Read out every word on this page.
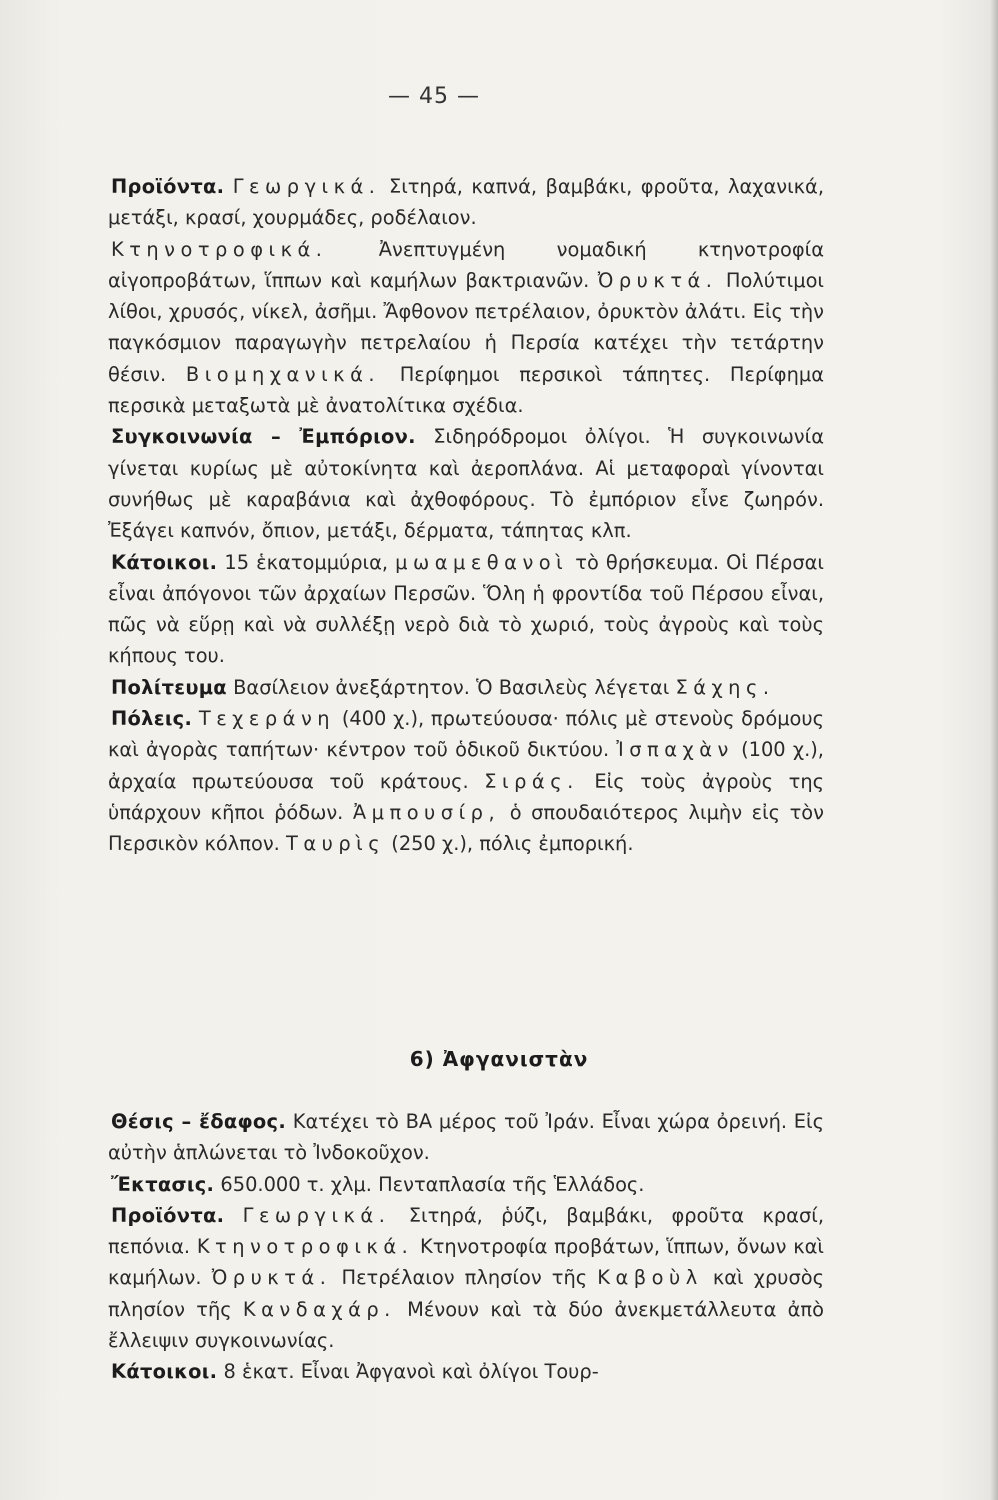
— 45 —

Προϊόντα. Γεωργικά. Σιτηρά, καπνά, βαμβάκι, φροῦτα, λαχανικά, μετάξι, κρασί, χουρμάδες, ροδέλαιον.

Κτηνοτροφικά.	Ἀνεπτυγμένη νομαδική κτηνοτροφία αἰγοπροβάτων, ἵππων καὶ καμήλων βακτριανῶν. Ὀρυκτά. Πολύτιμοι λίθοι, χρυσός, νίκελ, ἀσῆμι. Ἄφθονον πετρέλαιον, ὀρυκτὸν ἀλάτι. Εἰς τὴν παγκόσμιον παραγωγὴν πετρελαίου ἡ Περσία κατέχει τὴν τετάρτην θέσιν. Βιομηχανικά. Περίφημοι περσικοὶ τάπητες. Περίφημα περσικὰ μεταξωτὰ μὲ ἀνατολίτικα σχέδια.

Συγκοινωνία – Ἐμπόριον. Σιδηρόδρομοι ὀλίγοι. Ἡ συγκοινωνία γίνεται κυρίως μὲ αὐτοκίνητα καὶ ἀεροπλάνα. Αἱ μεταφοραὶ γίνονται συνήθως μὲ καραβάνια καὶ ἀχθοφόρους. Τὸ ἐμπόριον εἶνε ζωηρόν. Ἐξάγει καπνόν, ὄπιον, μετάξι, δέρματα, τάπητας κλπ.

Κάτοικοι. 15 ἑκατομμύρια, μωαμεθανοὶ τὸ θρήσκευμα. Οἱ Πέρσαι εἶναι ἀπόγονοι τῶν ἀρχαίων Περσῶν. Ὅλη ἡ φροντίδα τοῦ Πέρσου εἶναι, πῶς νὰ εὕρῃ καὶ νὰ συλλέξῃ νερὸ διὰ τὸ χωριό, τοὺς ἀγροὺς καὶ τοὺς κήπους του.

Πολίτευμα Βασίλειον ἀνεξάρτητον. Ὁ Βασιλεὺς λέγεται Σάχης.

Πόλεις. Τεχεράνη (400 χ.), πρωτεύουσα· πόλις μὲ στενοὺς δρόμους καὶ ἀγορὰς ταπήτων· κέντρον τοῦ ὁδικοῦ δικτύου. Ἰσπαχὰν (100 χ.), ἀρχαία πρωτεύουσα τοῦ κράτους. Σιράς. Εἰς τοὺς ἀγροὺς της ὑπάρχουν κῆποι ῥόδων. Ἀμπουσίρ, ὁ σπουδαιότερος λιμὴν εἰς τὸν Περσικὸν κόλπον. Ταυρὶς (250 χ.), πόλις ἐμπορική.

6) Ἀφγανιστὰν

Θέσις – ἔδαφος. Κατέχει τὸ ΒΑ μέρος τοῦ Ἰράν. Εἶναι χώρα ὀρεινή. Εἰς αὐτὴν ἁπλώνεται τὸ Ἰνδοκοῦχον.

Ἔκτασις. 650.000 τ. χλμ. Πενταπλασία τῆς Ἑλλάδος.

Προϊόντα. Γεωργικά. Σιτηρά, ῥύζι, βαμβάκι, φροῦτα κρασί, πεπόνια. Κτηνοτροφικά. Κτηνοτροφία προβάτων, ἵππων, ὄνων καὶ καμήλων. Ὀρυκτά. Πετρέλαιον πλησίον τῆς Καβοὺλ καὶ χρυσὸς πλησίον τῆς Κανδαχάρ. Μένουν καὶ τὰ δύο ἀνεκμετάλλευτα ἀπὸ ἔλλειψιν συγκοινωνίας.

Κάτοικοι. 8 ἑκατ. Εἶναι Ἀφγανοὶ καὶ ὀλίγοι Τουρ-
